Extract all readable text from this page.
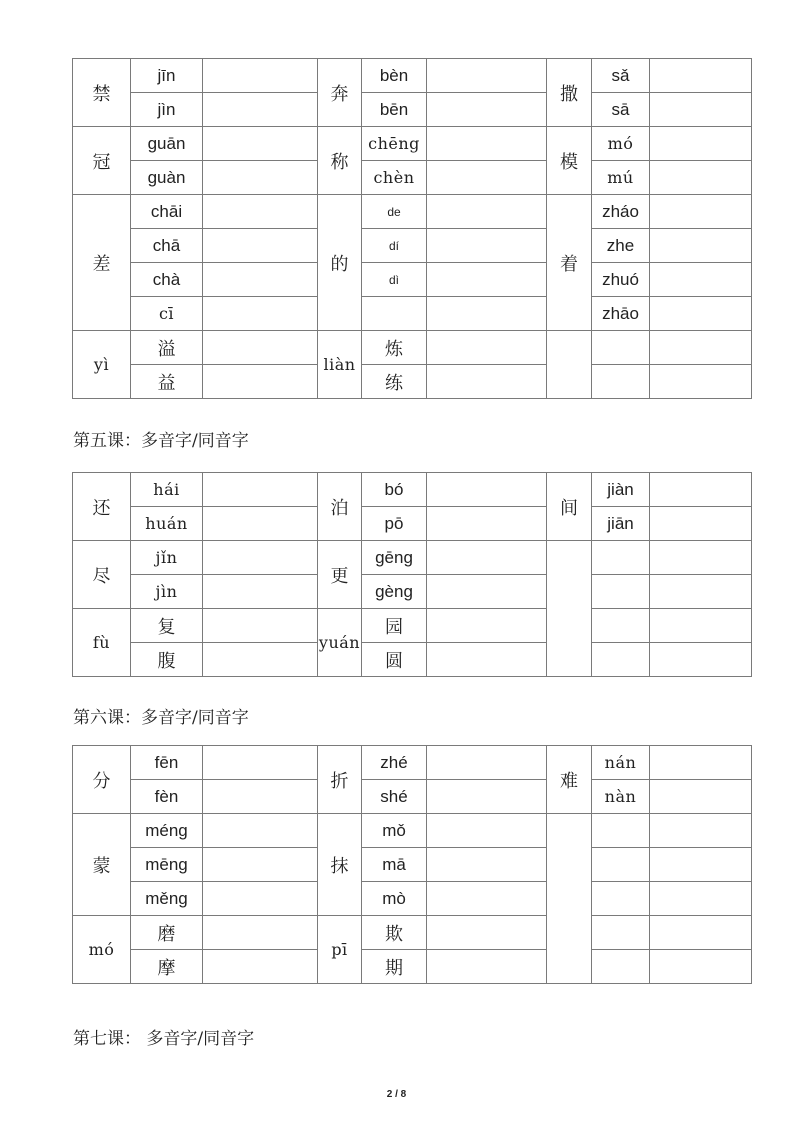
禁	jīn		奔	bèn		撒	sǎ	
	jìn			bēn			sā	
冠	guān		称	chēng		模	mó	
	guàn			chèn			mú	
差	chāi		的	de		着	zháo	
	chā			dí			zhe	
	chà			dì			zhuó	
	cī						zhāo	
yì	溢		liàn	炼				
	益			练				
第五课：多音字/同音字
还	hái		泊	bó		间	jiàn	
	huán			pō			jiān	
尽	jǐn		更	gēng				
	jìn			gèng				
fù	复		yuán	园				
	腹			圆				
第六课：多音字/同音字
分	fēn		折	zhé		难	nán	
	fèn			shé			nàn	
蒙	méng		抹	mǒ				
	mēng			mā				
	měng			mò				
mó	磨		pī	欺				
	摩			期				
第七课： 多音字/同音字
2 / 8
